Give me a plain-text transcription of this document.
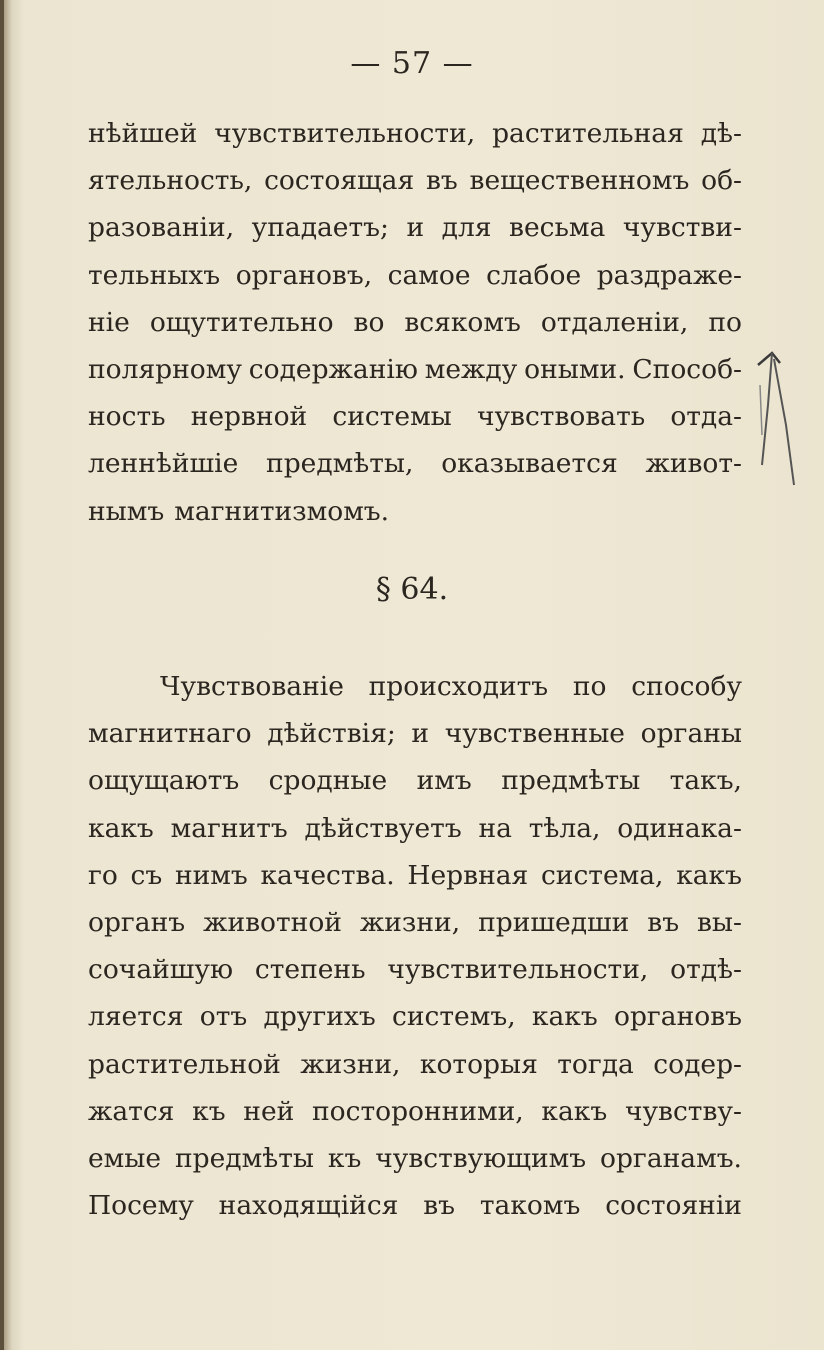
— 57 —
нѣйшей чувствительности, растительная дѣ-
ятельность, состоящая въ вещественномъ об-
разованіи, упадаетъ; и для весьма чувстви-
тельныхъ органовъ, самое слабое раздраже-
ніе ощутительно во всякомъ отдаленіи, по
полярному содержанію между оными. Способ-
ность нервной системы чувствовать отда-
леннѣйшіе предмѣты, оказывается живот-
нымъ магнитизмомъ.
§ 64.
Чувствованіе происходитъ по способу
магнитнаго дѣйствія; и чувственные органы
ощущаютъ сродные имъ предмѣты такъ,
какъ магнитъ дѣйствуетъ на тѣла, одинака-
го съ нимъ качества. Нервная система, какъ
органъ животной жизни, пришедши въ вы-
сочайшую степень чувствительности, отдѣ-
ляется отъ другихъ системъ, какъ органовъ
растительной жизни, которыя тогда содер-
жатся къ ней посторонними, какъ чувству-
емые предмѣты къ чувствующимъ органамъ.
Посему находящійся въ такомъ состояніи
